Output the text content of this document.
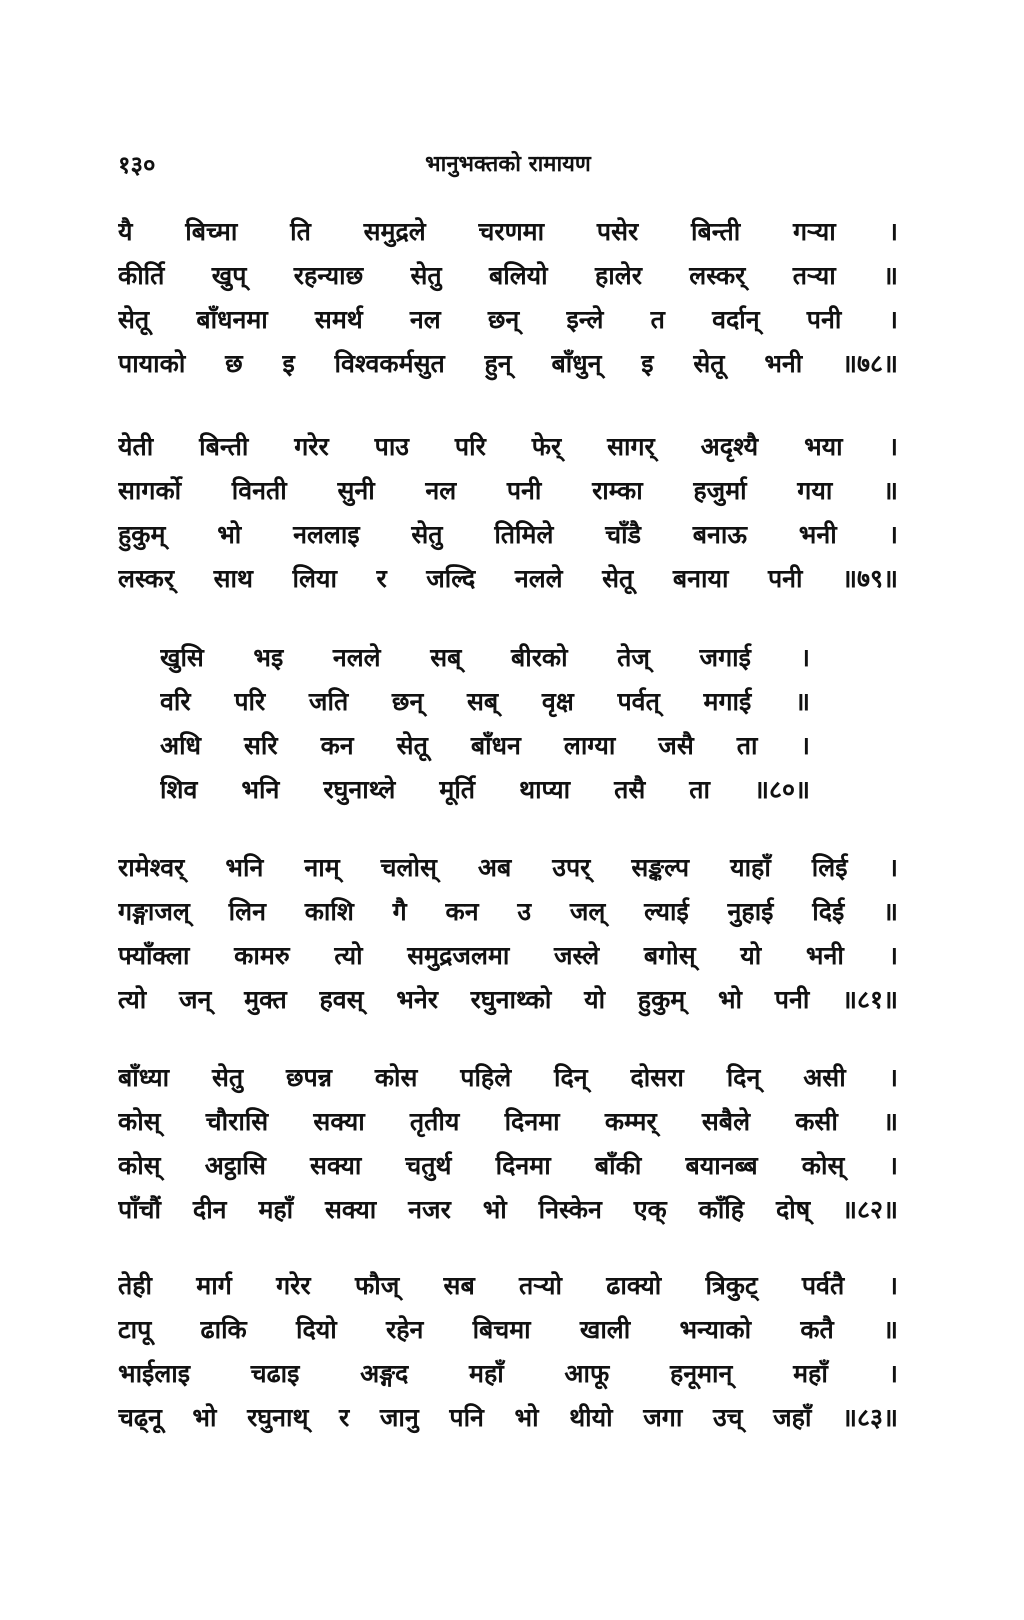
१३०	भानुभक्तको रामायण
यै बिच्मा ति समुद्रले चरणमा पसेर बिन्ती गऱ्या ।
कीर्ति खुप् रहन्याछ सेतु बलियो हालेर लस्कर् तऱ्या ॥
सेतू बाँधनमा समर्थ नल छन् इन्ले त वर्दान् पनी ।
पायाको छ इ विश्वकर्मसुत हुन् बाँधुन् इ सेतू भनी ॥७८॥
येती बिन्ती गरेर पाउ परि फेर् सागर् अदृश्यै भया ।
सागर्को विनती सुनी नल पनी राम्का हजुर्मा गया ॥
हुकुम् भो नललाइ सेतु तिमिले चाँडै बनाऊ भनी ।
लस्कर् साथ लिया र जल्दि नलले सेतू बनाया पनी ॥७९॥
खुसि भइ नलले सब् बीरको तेज् जगाई ।
वरि परि जति छन् सब् वृक्ष पर्वत् मगाई ॥
अधि सरि कन सेतू बाँधन लाग्या जसै ता ।
शिव भनि रघुनाथ्ले मूर्ति थाप्या तसै ता ॥८०॥
रामेश्वर् भनि नाम् चलोस् अब उपर् सङ्कल्प याहाँ लिई ।
गङ्गाजल् लिन काशि गै कन उ जल् ल्याई नुहाई दिई ॥
फ्याँक्ला कामरु त्यो समुद्रजलमा जस्ले बगोस् यो भनी ।
त्यो जन् मुक्त हवस् भनेर रघुनाथ्को यो हुकुम् भो पनी ॥८१॥
बाँध्या सेतु छपन्न कोस पहिले दिन् दोसरा दिन् असी ।
कोस् चौरासि सक्या तृतीय दिनमा कम्मर् सबैले कसी ॥
कोस् अट्ठासि सक्या चतुर्थ दिनमा बाँकी बयानब्ब कोस् ।
पाँचौं दीन महाँ सक्या नजर भो निस्केन एक् काँहि दोष् ॥८२॥
तेही मार्ग गरेर फौज् सब तऱ्यो ढाक्यो त्रिकुट् पर्वतै ।
टापू ढाकि दियो रहेन बिचमा खाली भन्याको कतै ॥
भाईलाइ चढाइ अङ्गद महाँ आफू हनूमान् महाँ ।
चढ्नू भो रघुनाथ् र जानु पनि भो थीयो जगा उच् जहाँ ॥८३॥
